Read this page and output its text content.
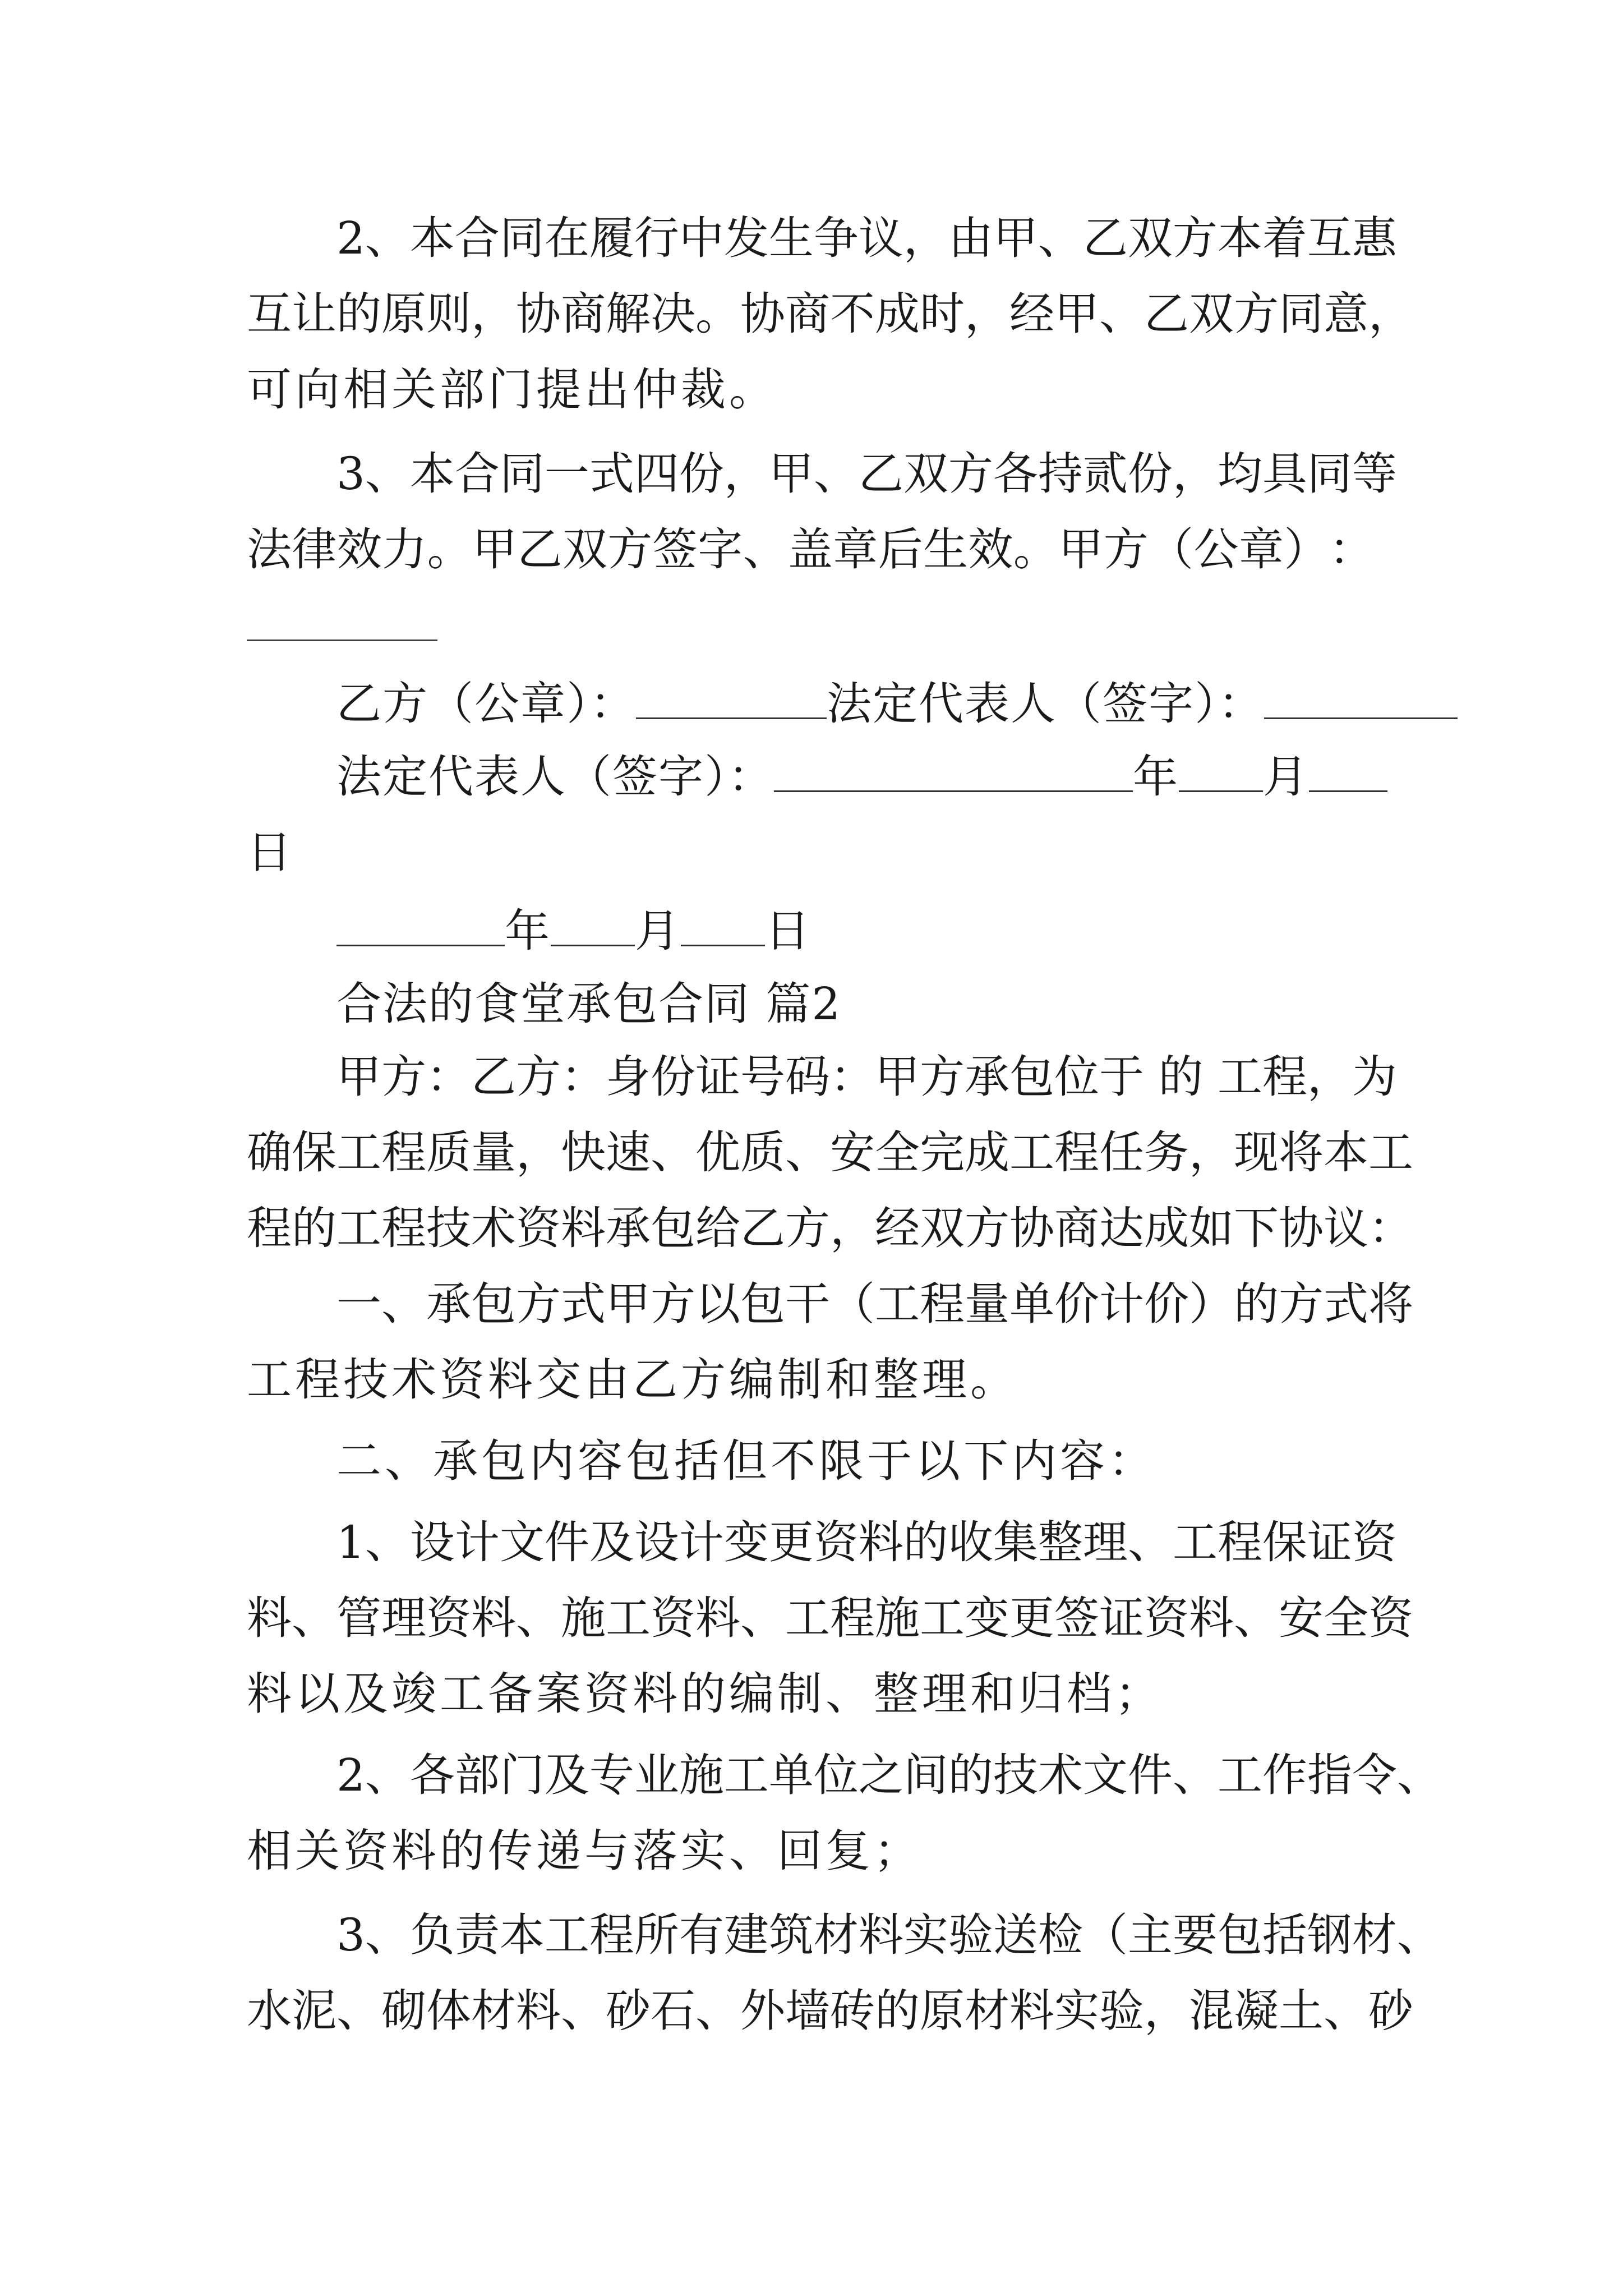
2 、 本 合 同 在 履 行 中 发 生 争 议 ， 由 甲 、 乙 双 方 本 着 互 惠
互 让 的 原 则 ， 协 商 解 决 。 协 商 不 成 时 ， 经 甲 、 乙 双 方 同 意 ，
可向相关部门提出仲裁。
3 、 本 合 同 一 式 四 份 ， 甲 、 乙 双 方 各 持 贰 份 ， 均 具 同 等
法 律 效 力 。 甲 乙 双 方 签 字 、 盖 章 后 生 效 。 甲 方 （ 公 章 ） ：
乙方（公章）：	法定代表人（签字）：
法定代表人（签字）：	年 月
日
年 月 日
合法的食堂承包合同 篇2
甲 方 ： 乙 方 ： 身 份 证 号 码 ： 甲 方 承 包 位 于
的
工 程 ， 为
确 保 工 程 质 量 ， 快 速 、 优 质 、 安 全 完 成 工 程 任 务 ， 现 将 本 工
程 的 工 程 技 术 资 料 承 包 给 乙 方 ， 经 双 方 协 商 达 成 如 下 协 议 ：
一 、 承 包 方 式 甲 方 以 包 干 （ 工 程 量 单 价 计 价 ） 的 方 式 将
工程技术资料交由乙方编制和整理。
二、承包内容包括但不限于以下内容：
1 、 设 计 文 件 及 设 计 变 更 资 料 的 收 集 整 理 、 工 程 保 证 资
料 、 管 理 资 料 、 施 工 资 料 、 工 程 施 工 变 更 签 证 资 料 、 安 全 资
料以及竣工备案资料的编制、整理和归档；
2 、 各 部 门 及 专 业 施 工 单 位 之 间 的 技 术 文 件 、 工 作 指 令 、
相关资料的传递与落实、回复；
3 、 负 责 本 工 程 所 有 建 筑 材 料 实 验 送 检 （ 主 要 包 括 钢 材 、
水 泥 、 砌 体 材 料 、 砂 石 、 外 墙 砖 的 原 材 料 实 验 ， 混 凝 土 、 砂
